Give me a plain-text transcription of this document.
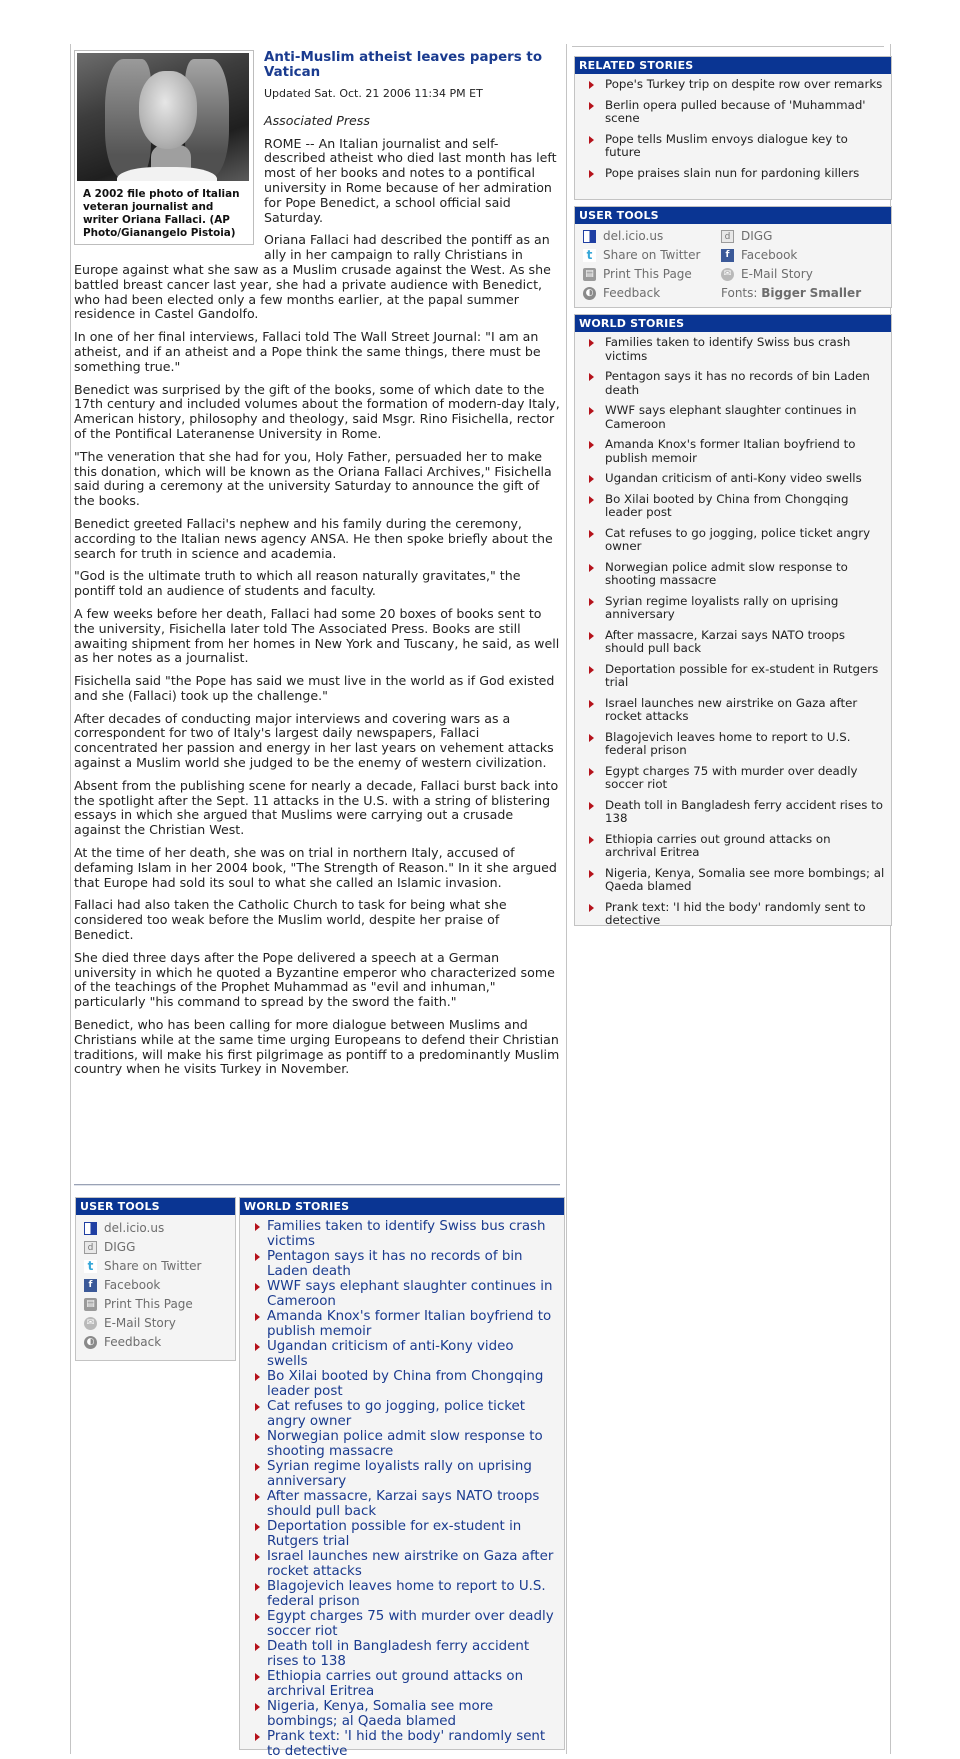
A 2002 file photo of Italian veteran journalist and writer Oriana Fallaci. (AP Photo/Gianangelo Pistoia)
Anti-Muslim atheist leaves papers to Vatican
Updated Sat. Oct. 21 2006 11:34 PM ET
Associated Press

ROME -- An Italian journalist and self-described atheist who died last month has left most of her books and notes to a pontifical university in Rome because of her admiration for Pope Benedict, a school official said Saturday.

Oriana Fallaci had described the pontiff as an ally in her campaign to rally Christians in Europe against what she saw as a Muslim crusade against the West. As she battled breast cancer last year, she had a private audience with Benedict, who had been elected only a few months earlier, at the papal summer residence in Castel Gandolfo.

In one of her final interviews, Fallaci told The Wall Street Journal: "I am an atheist, and if an atheist and a Pope think the same things, there must be something true."

Benedict was surprised by the gift of the books, some of which date to the 17th century and included volumes about the formation of modern-day Italy, American history, philosophy and theology, said Msgr. Rino Fisichella, rector of the Pontifical Lateranense University in Rome.

"The veneration that she had for you, Holy Father, persuaded her to make this donation, which will be known as the Oriana Fallaci Archives," Fisichella said during a ceremony at the university Saturday to announce the gift of the books.

Benedict greeted Fallaci's nephew and his family during the ceremony, according to the Italian news agency ANSA. He then spoke briefly about the search for truth in science and academia.

"God is the ultimate truth to which all reason naturally gravitates," the pontiff told an audience of students and faculty.

A few weeks before her death, Fallaci had some 20 boxes of books sent to the university, Fisichella later told The Associated Press. Books are still awaiting shipment from her homes in New York and Tuscany, he said, as well as her notes as a journalist.

Fisichella said "the Pope has said we must live in the world as if God existed and she (Fallaci) took up the challenge."

After decades of conducting major interviews and covering wars as a correspondent for two of Italy's largest daily newspapers, Fallaci concentrated her passion and energy in her last years on vehement attacks against a Muslim world she judged to be the enemy of western civilization.

Absent from the publishing scene for nearly a decade, Fallaci burst back into the spotlight after the Sept. 11 attacks in the U.S. with a string of blistering essays in which she argued that Muslims were carrying out a crusade against the Christian West.

At the time of her death, she was on trial in northern Italy, accused of defaming Islam in her 2004 book, "The Strength of Reason." In it she argued that Europe had sold its soul to what she called an Islamic invasion.

Fallaci had also taken the Catholic Church to task for being what she considered too weak before the Muslim world, despite her praise of Benedict.

She died three days after the Pope delivered a speech at a German university in which he quoted a Byzantine emperor who characterized some of the teachings of the Prophet Muhammad as "evil and inhuman," particularly "his command to spread by the sword the faith."

Benedict, who has been calling for more dialogue between Muslims and Christians while at the same time urging Europeans to defend their Christian traditions, will make his first pilgrimage as pontiff to a predominantly Muslim country when he visits Turkey in November.

RELATED STORIES
Pope's Turkey trip on despite row over remarks
Berlin opera pulled because of 'Muhammad' scene
Pope tells Muslim envoys dialogue key to future
Pope praises slain nun for pardoning killers
USER TOOLS
del.icio.us	d DIGG
t Share on Twitter	f Facebook
▤ Print This Page	✉ E-Mail Story
◐ Feedback	Fonts: Bigger Smaller
WORLD STORIES
Families taken to identify Swiss bus crash victims
Pentagon says it has no records of bin Laden death
WWF says elephant slaughter continues in Cameroon
Amanda Knox's former Italian boyfriend to publish memoir
Ugandan criticism of anti-Kony video swells
Bo Xilai booted by China from Chongqing leader post
Cat refuses to go jogging, police ticket angry owner
Norwegian police admit slow response to shooting massacre
Syrian regime loyalists rally on uprising anniversary
After massacre, Karzai says NATO troops should pull back
Deportation possible for ex-student in Rutgers trial
Israel launches new airstrike on Gaza after rocket attacks
Blagojevich leaves home to report to U.S. federal prison
Egypt charges 75 with murder over deadly soccer riot
Death toll in Bangladesh ferry accident rises to 138
Ethiopia carries out ground attacks on archrival Eritrea
Nigeria, Kenya, Somalia see more bombings; al Qaeda blamed
Prank text: 'I hid the body' randomly sent to detective
USER TOOLS
del.icio.us
d DIGG
t Share on Twitter
f Facebook
▤ Print This Page
✉ E-Mail Story
◐ Feedback
WORLD STORIES
Families taken to identify Swiss bus crash victims
Pentagon says it has no records of bin Laden death
WWF says elephant slaughter continues in Cameroon
Amanda Knox's former Italian boyfriend to publish memoir
Ugandan criticism of anti-Kony video swells
Bo Xilai booted by China from Chongqing leader post
Cat refuses to go jogging, police ticket angry owner
Norwegian police admit slow response to shooting massacre
Syrian regime loyalists rally on uprising anniversary
After massacre, Karzai says NATO troops should pull back
Deportation possible for ex-student in Rutgers trial
Israel launches new airstrike on Gaza after rocket attacks
Blagojevich leaves home to report to U.S. federal prison
Egypt charges 75 with murder over deadly soccer riot
Death toll in Bangladesh ferry accident rises to 138
Ethiopia carries out ground attacks on archrival Eritrea
Nigeria, Kenya, Somalia see more bombings; al Qaeda blamed
Prank text: 'I hid the body' randomly sent to detective
